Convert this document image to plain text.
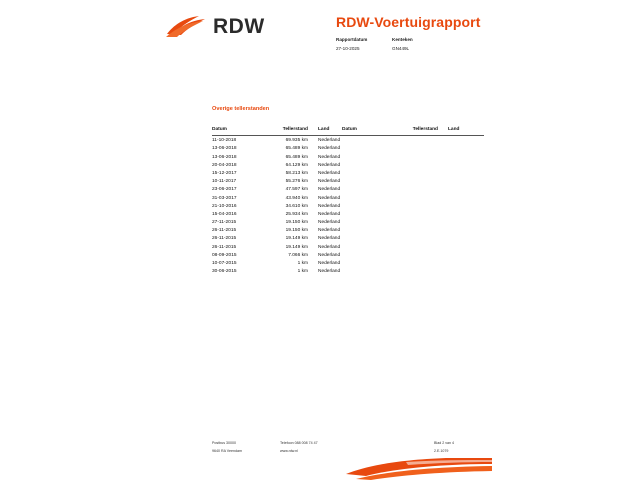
RDW	RDW-Voertuigrapport
Rapportdatum	Kenteken
27-10-2025	GN449L
Overige tellerstanden
Datum	Tellerstand	Land
11-10-2018	69.935 km	Nederland
13-06-2018	65.489 km	Nederland
13-06-2018	65.489 km	Nederland
20-04-2018	64.129 km	Nederland
15-12-2017	58.213 km	Nederland
10-11-2017	55.276 km	Nederland
23-06-2017	47.597 km	Nederland
31-03-2017	43.940 km	Nederland
21-10-2016	34.610 km	Nederland
15-04-2016	25.934 km	Nederland
27-11-2015	19.150 km	Nederland
26-11-2015	19.150 km	Nederland
26-11-2015	19.149 km	Nederland
26-11-2015	19.149 km	Nederland
08-09-2015	7.066 km	Nederland
10-07-2015	1 km	Nederland
30-06-2015	1 km	Nederland
Datum	Tellerstand	Land
Postbus 30000	Telefoon 088 008 74 47
9640 RA Veendam	www.rdw.nl
Blad 2 van 4
2.E.1079
